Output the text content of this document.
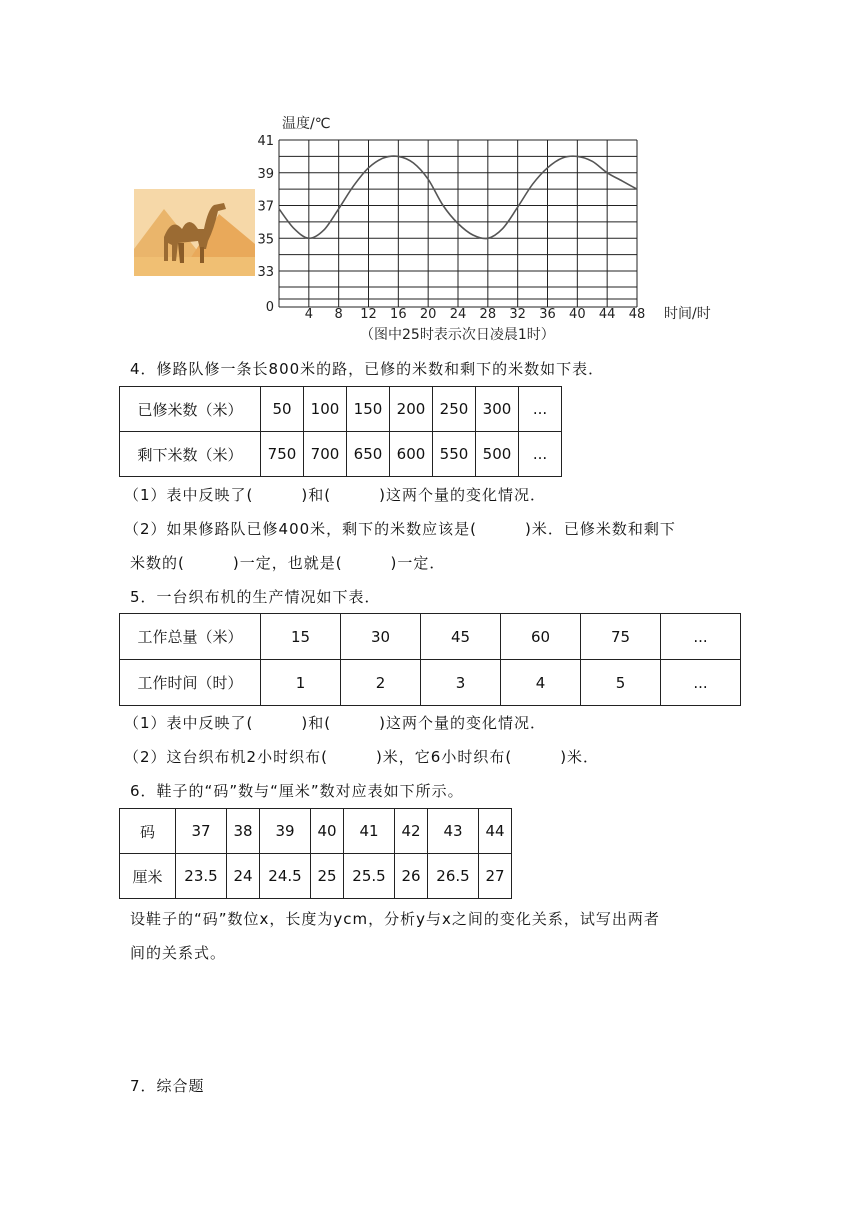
温度/℃
4 8 12 16 20 24 28 32 36 40 44 48
0
33
35
37
39
41
时间/时
（图中25时表示次日凌晨1时）
4．修路队修一条长800米的路，已修的米数和剩下的米数如下表．
已修米数（米）	50	100	150	200	250	300	...
剩下米数（米）	750	700	650	600	550	500	...
（1）表中反映了(　　　)和(　　　)这两个量的变化情况．
（2）如果修路队已修400米，剩下的米数应该是(　　　)米．已修米数和剩下
米数的(　　　)一定，也就是(　　　)一定．
5．一台织布机的生产情况如下表．
工作总量（米）	15	30	45	60	75	...
工作时间（时）	1	2	3	4	5	...
（1）表中反映了(　　　)和(　　　)这两个量的变化情况．
（2）这台织布机2小时织布(　　　)米，它6小时织布(　　　)米．
6．鞋子的“码”数与“厘米”数对应表如下所示。
码	37	38	39	40	41	42	43	44
厘米	23.5	24	24.5	25	25.5	26	26.5	27
设鞋子的“码”数位x，长度为ycm，分析y与x之间的变化关系，试写出两者
间的关系式。
7．综合题
